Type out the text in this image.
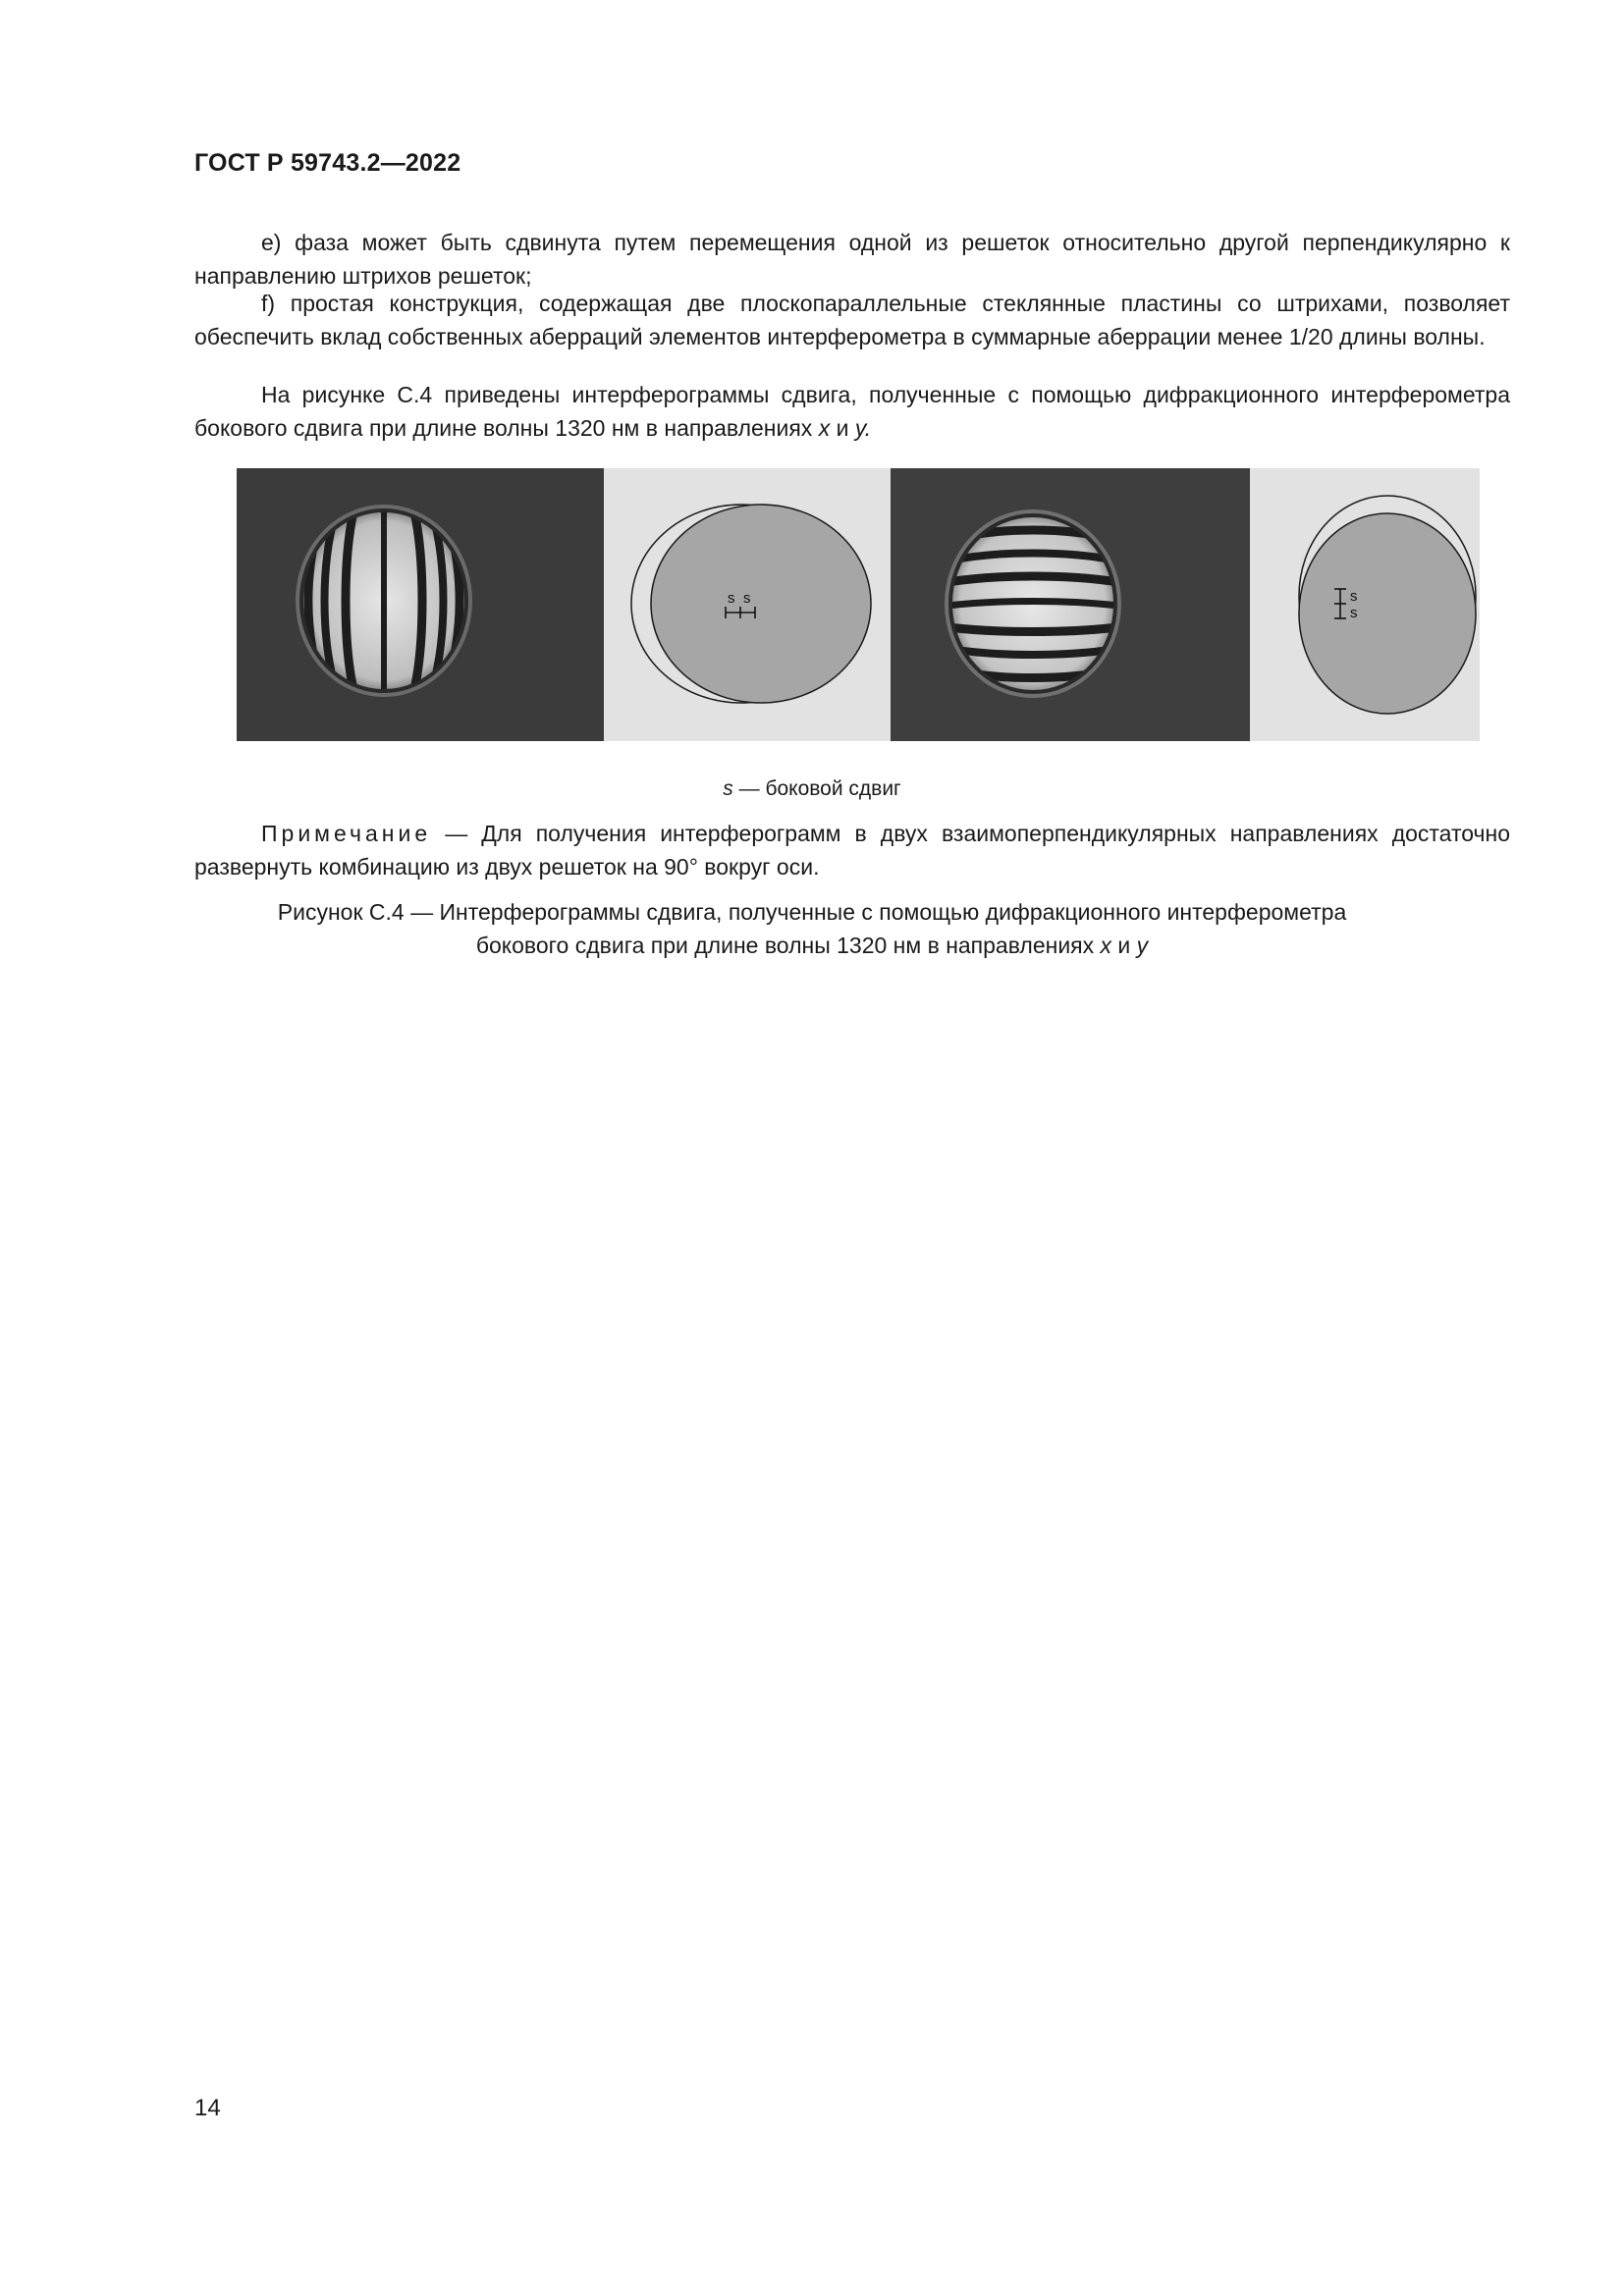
ГОСТ Р 59743.2—2022

е) фаза может быть сдвинута путем перемещения одной из решеток относительно другой перпендикулярно к направлению штрихов решеток;

f) простая конструкция, содержащая две плоскопараллельные стеклянные пластины со штрихами, позволяет обеспечить вклад собственных аберраций элементов интерферометра в суммарные аберрации менее 1/20 длины волны.

На рисунке С.4 приведены интерферограммы сдвига, полученные с помощью дифракционного интерферометра бокового сдвига при длине волны 1320 нм в направлениях х и у.

s s	s
s
s — боковой сдвиг

Примечание — Для получения интерферограмм в двух взаимоперпендикулярных направлениях достаточно развернуть комбинацию из двух решеток на 90° вокруг оси.

Рисунок С.4 — Интерферограммы сдвига, полученные с помощью дифракционного интерферометра
бокового сдвига при длине волны 1320 нм в направлениях х и у
14
